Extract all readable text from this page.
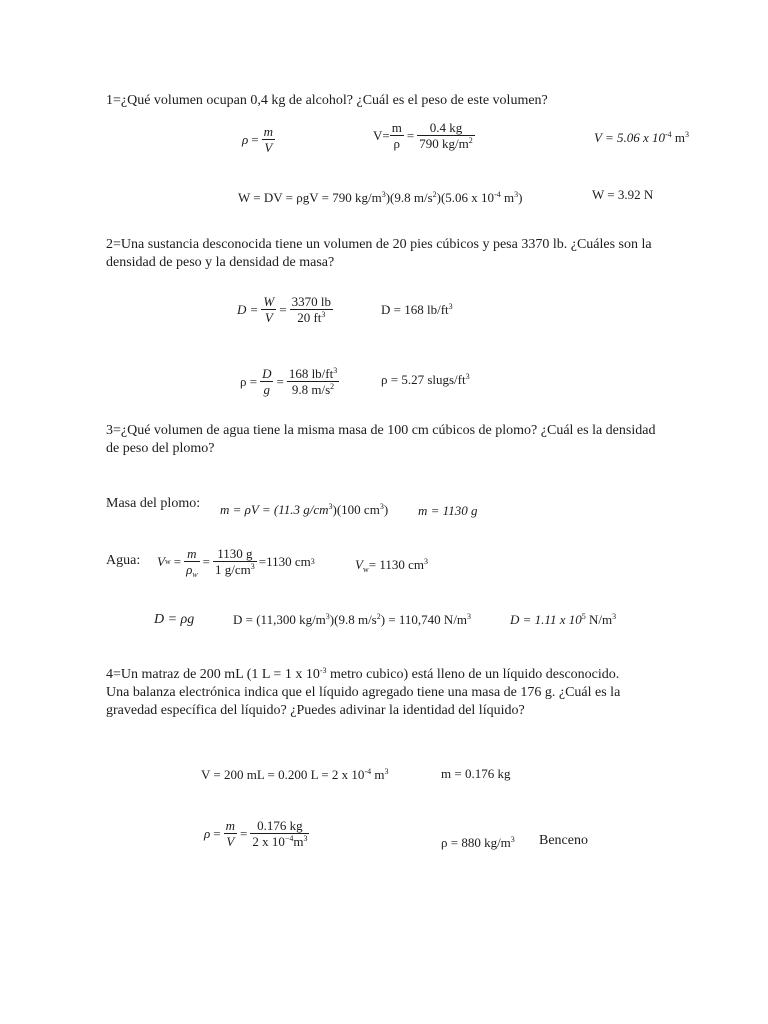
1=¿Qué volumen ocupan 0,4 kg de alcohol? ¿Cuál es el peso de este volumen?
$\rho = \frac{m}{V}$	$V= \frac{m}{\rho} = \frac{0.4 kg}{790 kg/m^2}$	V = 5.06 x $10^{-4}$ $m^3$
W = DV = ρgV = 790 $kg/m^3)(9.8$ $m/s^2)(5.06$ x $10^{-4}$ $m^3$)	W = 3.92 N
2=Una sustancia desconocida tiene un volumen de 20 pies cúbicos y pesa 3370 lb. ¿Cuáles son la densidad de peso y la densidad de masa?
$D = \frac{W}{V} = \frac{3370 lb}{20 ft^3}$	D = 168 $lb/ft^3$
$\rho = \frac{D}{g} = \frac{168 lb/ft^3}{9.8 m/s^2}$	ρ = 5.27 slugs/$ft^3$
3=¿Qué volumen de agua tiene la misma masa de 100 cm cúbicos de plomo? ¿Cuál es la densidad de peso del plomo?
Masa del plomo: m = ρV = (11.3 $g/cm^3)(100$ $cm^3$) m = 1130 g
Agua: V $w = \frac{m}{\rho_w} = \frac{1130 g}{1 g/cm^3} =1130$ cm 3	$V_w= 1130$ $cm^3$
D = ρg	D = (11,300 $kg/m^3)(9.8$ $m/s^2) = 110,740$ $N/m^3$	D = 1.11 x $10^5$ $N/m^3$
4=Un matraz de 200 mL (1 L = 1 x $10^{-3}$ metro cubico) está lleno de un líquido desconocido. Una balanza electrónica indica que el líquido agregado tiene una masa de 176 g. ¿Cuál es la gravedad específica del líquido? ¿Puedes adivinar la identidad del líquido?
V = 200 mL = 0.200 L = 2 x $10^{-4}$ $m^3$	m = 0.176 kg
$\rho = \frac{m}{V} = \frac{0.176 kg}{2 x 10^{-4}m^3}$	ρ = 880 $kg/m^3$ Benceno
